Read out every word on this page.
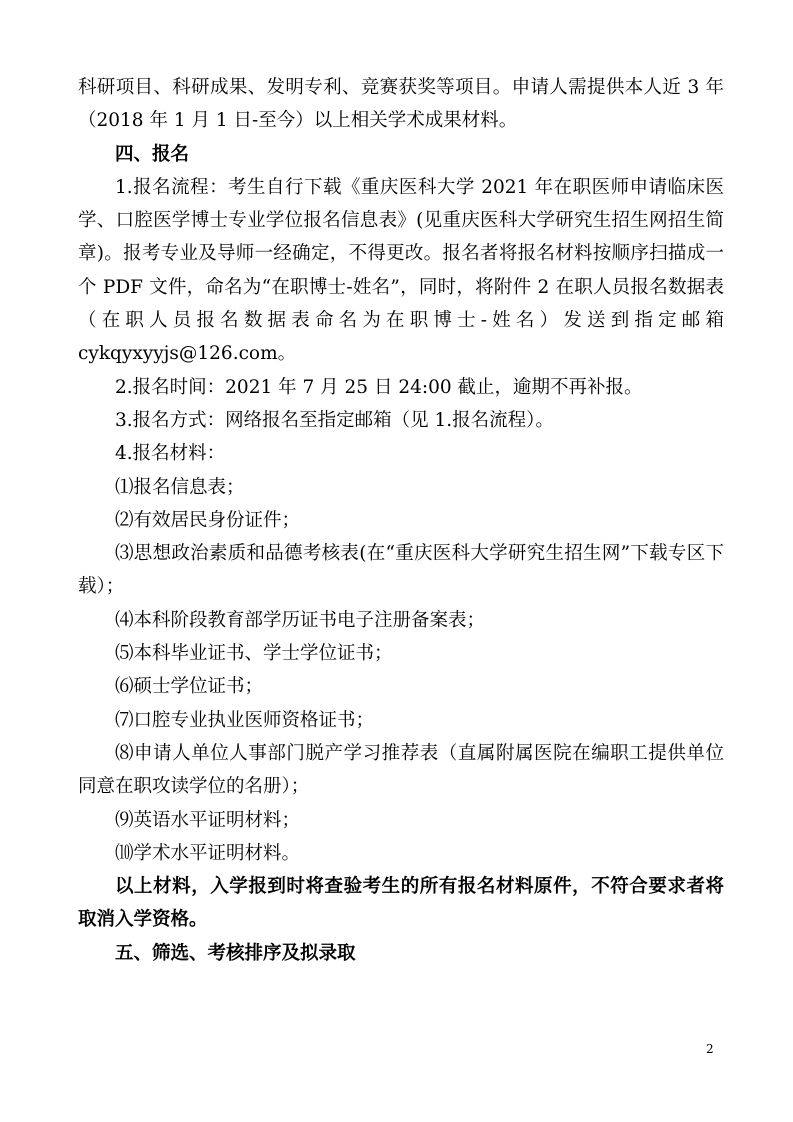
科研项目、科研成果、发明专利、竞赛获奖等项目。申请人需提供本人近 3 年（2018 年 1 月 1 日-至今）以上相关学术成果材料。

四、报名

1.报名流程：考生自行下载《重庆医科大学 2021 年在职医师申请临床医学、口腔医学博士专业学位报名信息表》(见重庆医科大学研究生招生网招生简章)。报考专业及导师一经确定，不得更改。报名者将报名材料按顺序扫描成一个 PDF 文件，命名为“在职博士-姓名”，同时，将附件 2 在职人员报名数据表（在职人员报名数据表命名为在职博士-姓名）发送到指定邮箱 cykqyxyyjs@126.com。

2.报名时间：2021 年 7 月 25 日 24:00 截止，逾期不再补报。

3.报名方式：网络报名至指定邮箱（见 1.报名流程）。

4.报名材料：

⑴报名信息表；

⑵有效居民身份证件；

⑶思想政治素质和品德考核表(在“重庆医科大学研究生招生网”下载专区下载）；

⑷本科阶段教育部学历证书电子注册备案表；

⑸本科毕业证书、学士学位证书；

⑹硕士学位证书；

⑺口腔专业执业医师资格证书；

⑻申请人单位人事部门脱产学习推荐表（直属附属医院在编职工提供单位同意在职攻读学位的名册）；

⑼英语水平证明材料；

⑽学术水平证明材料。

以上材料，入学报到时将查验考生的所有报名材料原件，不符合要求者将取消入学资格。

五、筛选、考核排序及拟录取

2
